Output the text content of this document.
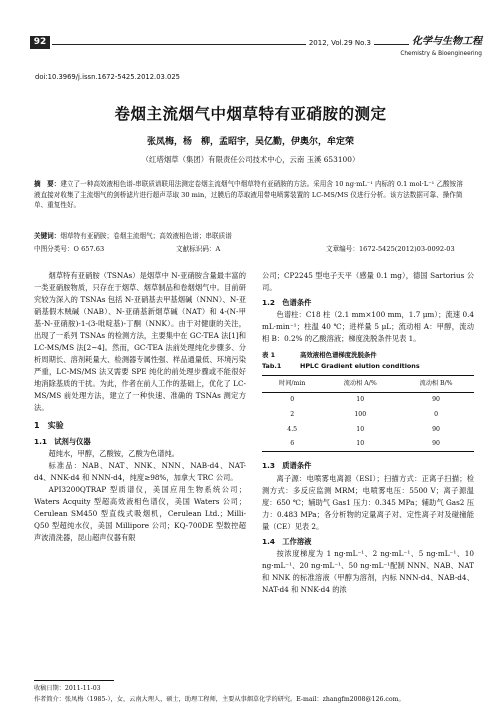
92	2012, Vol.29 No.3	化学与生物工程
Chemistry & Bioengineering
doi:10.3969/j.issn.1672-5425.2012.03.025
卷烟主流烟气中烟草特有亚硝胺的测定
张凤梅，杨　柳，孟昭宇，吴亿勤，伊奥尔，牟定荣
（红塔烟草（集团）有限责任公司技术中心，云南 玉溪 653100）
摘　要：建立了一种高效液相色谱-串联质谱联用法测定卷烟主流烟气中烟草特有亚硝胺的方法。采用含 10 ng·mL⁻¹ 内标的 0.1 mol·L⁻¹ 乙酸铵溶液直接对收集了主流烟气的剑桥滤片进行超声萃取 30 min，过膜后的萃取液用带电喷雾装置的 LC-MS/MS 仪进行分析。该方法数据可靠、操作简单、重复性好。
关键词：烟草特有亚硝胺；卷烟主流烟气；高效液相色谱；串联质谱
中图分类号：O 657.63	文献标识码：A	文章编号：1672-5425(2012)03-0092-03

烟草特有亚硝胺（TSNAs）是烟草中 N-亚硝胺含量最丰富的一类亚硝胺物质，只存在于烟草、烟草制品和卷烟烟气中。目前研究较为深入的 TSNAs 包括 N-亚硝基去甲基烟碱（NNN）、N-亚硝基假木贼碱（NAB）、N-亚硝基新烟草碱（NAT）和 4-(N-甲基-N-亚硝胺)-1-(3-吡啶基)-丁酮（NNK）。由于对健康的关注，出现了一系列 TSNAs 的检测方法，主要集中在 GC-TEA 法[1]和 LC-MS/MS 法[2~4]。然而，GC-TEA 法前处理纯化步骤多、分析周期长、溶剂耗量大、检测器专属性强、样品通量低、环境污染严重，LC-MS/MS 法又需要 SPE 纯化的前处理步骤或不能很好地消除基质的干扰。为此，作者在前人工作的基础上，优化了 LC-MS/MS 前处理方法，建立了一种快速、准确的 TSNAs 测定方法。

1　实验
1.1　试剂与仪器

超纯水，甲醇，乙酸铵，乙酸为色谱纯。

标准品：NAB、NAT、NNK、NNN、NAB-d4、NAT-d4、NNK-d4 和 NNN-d4，纯度≥98%，加拿大 TRC 公司。

API3200QTRAP 型质谱仪，美国应用生物系统公司；Waters Acquity 型超高效液相色谱仪，美国 Waters 公司；Cerulean SM450 型直线式吸烟机，Cerulean Ltd.；Milli-Q50 型超纯水仪，美国 Millipore 公司；KQ-700DE 型数控超声波清洗器，昆山超声仪器有限

公司；CP2245 型电子天平（感量 0.1 mg），德国 Sartorius 公司。

1.2　色谱条件

色谱柱：C18 柱（2.1 mm×100 mm，1.7 μm）；流速 0.4 mL·min⁻¹；柱温 40 ℃；进样量 5 μL；流动相 A：甲醇，流动相 B：0.2% 的乙酸溶液；梯度洗脱条件见表 1。

表 1	高效液相色谱梯度洗脱条件
Tab.1	HPLC Gradient elution conditions
时间/min	流动相 A/%	流动相 B/%
0	10	90
2	100	0
4.5	10	90
6	10	90
1.3　质谱条件

离子源：电喷雾电离源（ESI）；扫描方式：正离子扫描；检测方式：多反应监测 MRM；电喷雾电压：5500 V；离子源温度：650 ℃；辅助气 Gas1 压力：0.345 MPa；辅助气 Gas2 压力：0.483 MPa；各分析物的定量离子对、定性离子对及碰撞能量（CE）见表 2。

1.4　工作溶液

按浓度梯度为 1 ng·mL⁻¹、2 ng·mL⁻¹、5 ng·mL⁻¹、10 ng·mL⁻¹、20 ng·mL⁻¹、50 ng·mL⁻¹配制 NNN、NAB、NAT 和 NNK 的标准溶液（甲醇为溶剂，内标 NNN-d4、NAB-d4、NAT-d4 和 NNK-d4 的浓

收稿日期：2011-11-03
作者简介：张凤梅（1985-），女，云南大理人，硕士，助理工程师，主要从事烟草化学的研究。E-mail：zhangfm2008@126.com。
